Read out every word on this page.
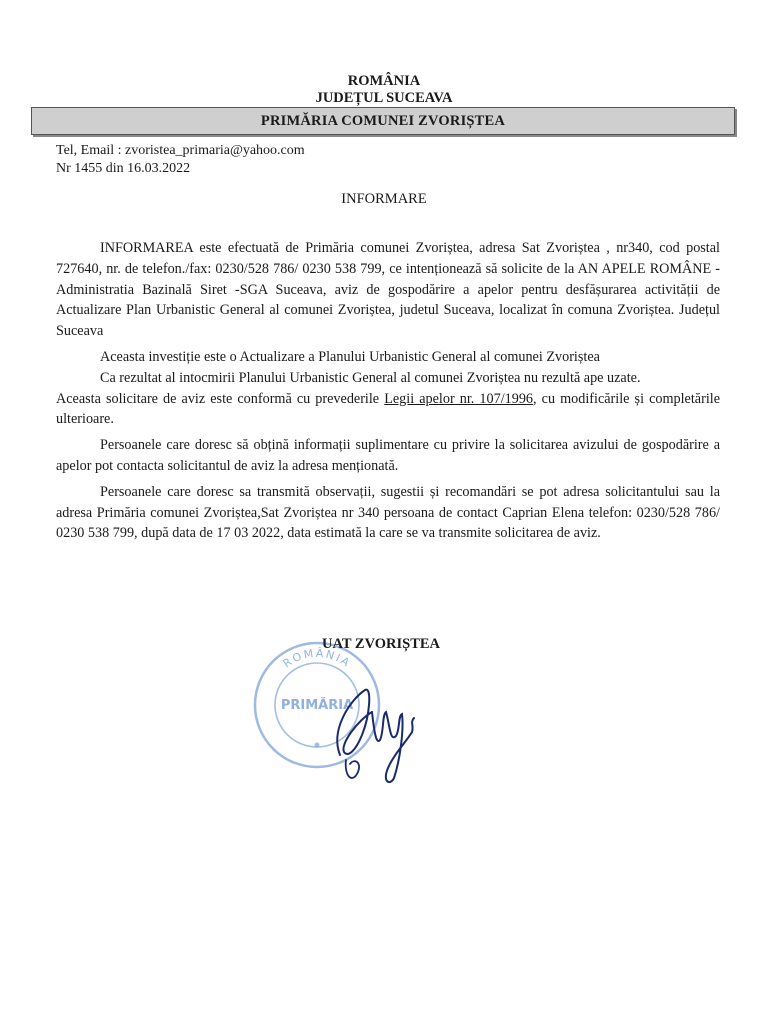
ROMÂNIA
JUDEȚUL SUCEAVA
PRIMĂRIA COMUNEI ZVORIȘTEA
Tel, Email : zvoristea_primaria@yahoo.com
Nr 1455 din 16.03.2022
INFORMARE

INFORMAREA este efectuată de Primăria comunei Zvoriștea, adresa Sat Zvoriștea , nr340, cod postal 727640, nr. de telefon./fax: 0230/528 786/ 0230 538 799, ce intenționează să solicite de la AN APELE ROMÂNE -Administratia Bazinală Siret -SGA Suceava, aviz de gospodărire a apelor pentru desfășurarea activității de Actualizare Plan Urbanistic General al comunei Zvoriștea, judetul Suceava, localizat în comuna Zvoriștea. Județul Suceava

Aceasta investiție este o Actualizare a Planului Urbanistic General al comunei Zvoriștea

Ca rezultat al intocmirii Planului Urbanistic General al comunei Zvoriștea nu rezultă ape uzate.

Aceasta solicitare de aviz este conformă cu prevederile Legii apelor nr. 107/1996, cu modificările și completările ulterioare.

Persoanele care doresc să obțină informații suplimentare cu privire la solicitarea avizului de gospodărire a apelor pot contacta solicitantul de aviz la adresa menționată.

Persoanele care doresc sa transmită observații, sugestii și recomandări se pot adresa solicitantului sau la adresa Primăria comunei Zvoriștea,Sat Zvoriștea nr 340 persoana de contact Caprian Elena telefon: 0230/528 786/ 0230 538 799, după data de 17 03 2022, data estimată la care se va transmite solicitarea de aviz.

ROMÂNIA
PRIMĂRIA
UAT ZVORIȘTEA
